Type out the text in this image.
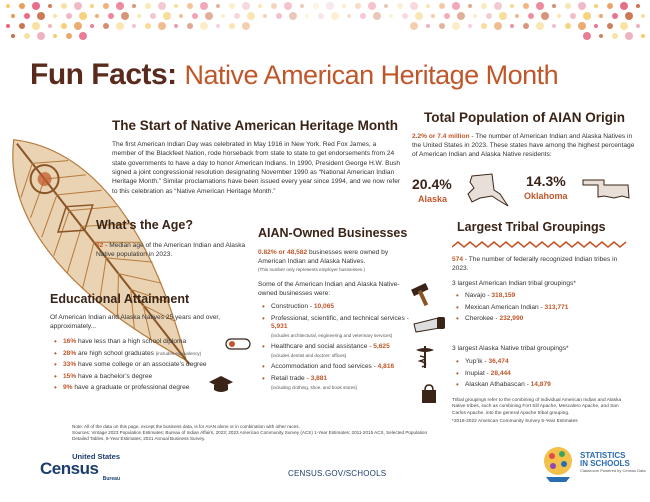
Fun Facts: Native American Heritage Month
The Start of Native American Heritage Month

The first American Indian Day was celebrated in May 1916 in New York. Red Fox James, a member of the Blackfeet Nation, rode horseback from state to state to get endorsements from 24 state governments to have a day to honor American Indians. In 1990, President George H.W. Bush signed a joint congressional resolution designating November 1990 as “National American Indian Heritage Month.” Similar proclamations have been issued every year since 1994, and we now refer to this celebration as “Native American Heritage Month.”

Total Population of AIAN Origin

2.2% or 7.4 million - The number of American Indian and Alaska Natives in the United States in 2023. These states have among the highest percentage of American Indian and Alaska Native residents:

20.4%
Alaska
14.3%
Oklahoma
What’s the Age?

32 - Median age of the American Indian and Alaska Native population in 2023.

Educational Attainment

Of American Indian and Alaska Natives 25 years and over, approximately...

• 16% have less than a high school diploma
• 28% are high school graduates (includes equivalency)
• 33% have some college or an associate’s degree
• 15% have a bachelor’s degree
• 9% have a graduate or professional degree
AIAN-Owned Businesses

0.82% or 48,582 businesses were owned by American Indian and Alaska Natives.
(This number only represents employer businesses.)

Some of the American Indian and Alaska Native-owned businesses were:

• Construction - 10,065
• Professional, scientific, and technical services - 5,931
(includes architectural, engineering and veterinary services)
• Healthcare and social assistance - 5,625
(includes dentist and doctors’ offices)
• Accommodation and food services - 4,816
• Retail trade - 3,881
(including clothing, shoe, and book stores)
Largest Tribal Groupings

574 - The number of federally recognized Indian tribes in 2023.

3 largest American Indian tribal groupings*

• Navajo - 318,159
• Mexican American Indian - 313,771
• Cherokee - 232,990

3 largest Alaska Native tribal groupings*

• Yup’ik - 36,474
• Inupiat - 28,444
• Alaskan Athabascan - 14,879

Tribal groupings refer to the combining of individual American Indian and Alaska Native tribes, such as combining Fort Sill Apache, Mescalero Apache, and San Carlos Apache, into the general Apache tribal grouping.

*2018-2022 American Community Survey 5-Year Estimates

Note: All of the data on this page, except the business data, is for AIAN alone or in combination with other races.
Sources: Vintage 2023 Population Estimates; Bureau of Indian Affairs, 2023; 2023 American Community Survey (ACS) 1-Year Estimates; 2011-2015 ACS, Selected Population Detailed Tables, 5-Year Estimates; 2021 Annual Business Survey.
United States
Census
Bureau
CENSUS.GOV/SCHOOLS
STATISTICS
IN SCHOOLS
Classroom Powered by Census Data
